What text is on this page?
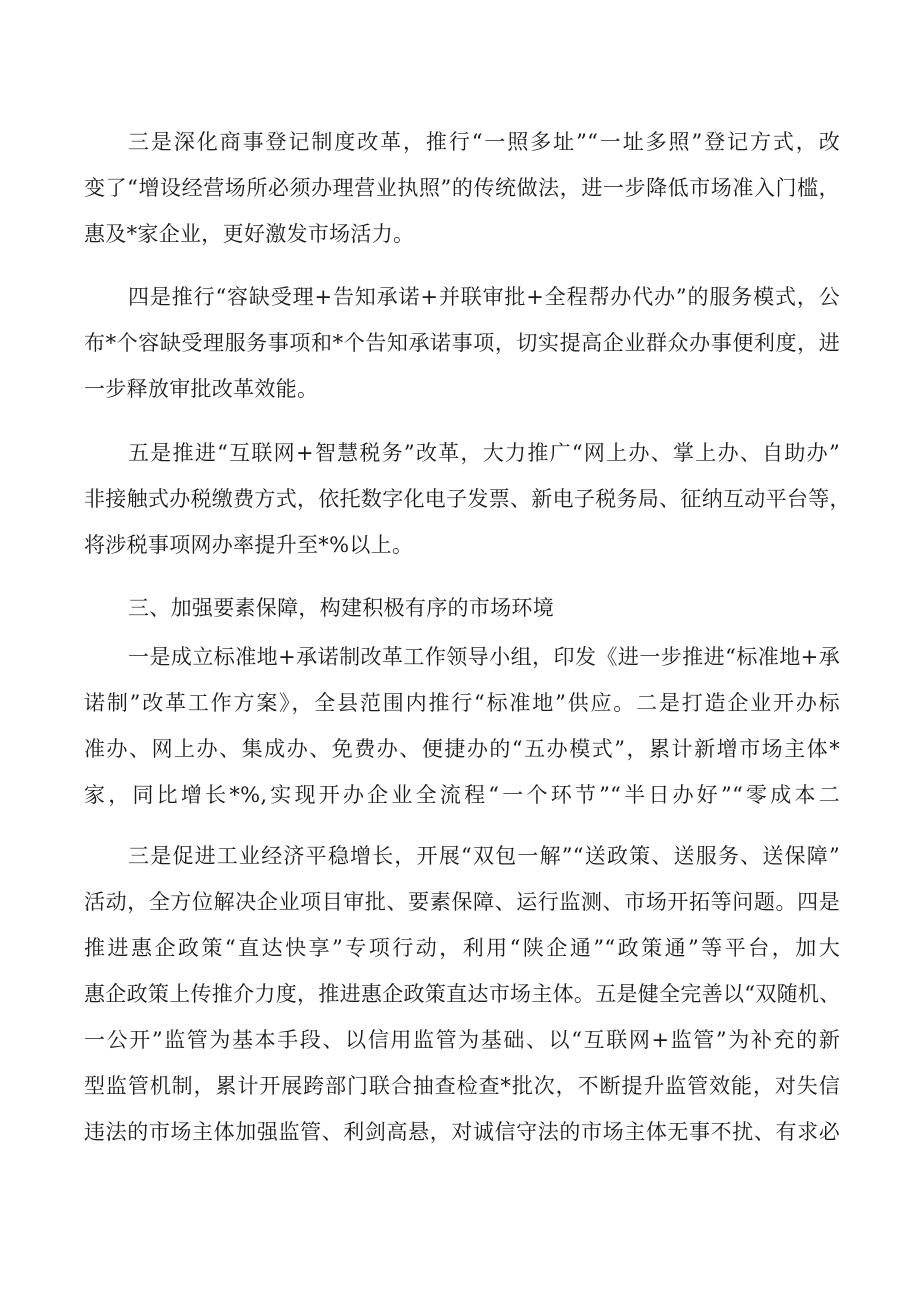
三是深化商事登记制度改革，推行“一照多址”“一址多照”登记方式，改
变了“增设经营场所必须办理营业执照”的传统做法，进一步降低市场准入门槛，
惠及*家企业，更好激发市场活力。
四是推行“容缺受理+告知承诺+并联审批+全程帮办代办”的服务模式，公
布*个容缺受理服务事项和*个告知承诺事项，切实提高企业群众办事便利度，进
一步释放审批改革效能。
五是推进“互联网+智慧税务”改革，大力推广“网上办、掌上办、自助办”
非接触式办税缴费方式，依托数字化电子发票、新电子税务局、征纳互动平台等，
将涉税事项网办率提升至*%以上。
三、加强要素保障，构建积极有序的市场环境
一是成立标准地+承诺制改革工作领导小组，印发《进一步推进“标准地+承
诺制”改革工作方案》，全县范围内推行“标准地”供应。二是打造企业开办标
准办、网上办、集成办、免费办、便捷办的“五办模式”，累计新增市场主体*
家，同比增长*%,实现开办企业全流程“一个环节”“半日办好”“零成本二
三是促进工业经济平稳增长，开展“双包一解”“送政策、送服务、送保障”
活动，全方位解决企业项目审批、要素保障、运行监测、市场开拓等问题。四是
推进惠企政策“直达快享”专项行动，利用“陕企通”“政策通”等平台，加大
惠企政策上传推介力度，推进惠企政策直达市场主体。五是健全完善以“双随机、
一公开”监管为基本手段、以信用监管为基础、以“互联网+监管”为补充的新
型监管机制，累计开展跨部门联合抽查检查*批次，不断提升监管效能，对失信
违法的市场主体加强监管、利剑高悬，对诚信守法的市场主体无事不扰、有求必
